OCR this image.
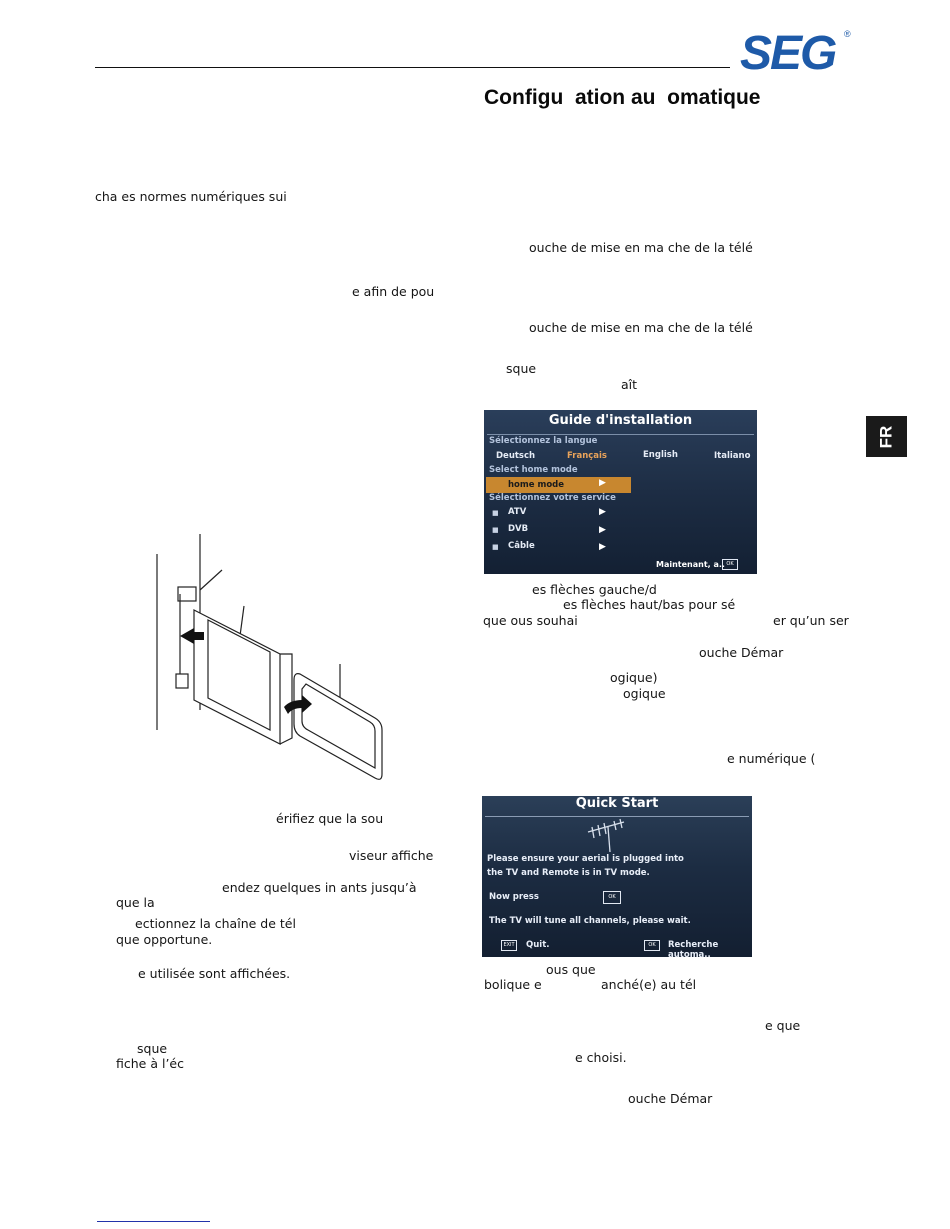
SEG ®
Configu  ation au  omatique
FR
cha es normes numériques sui
e afin de pou
érifiez que la sou
viseur affiche
endez quelques in ants jusqu’à
que la
ectionnez la chaîne de tél
que opportune.
e utilisée sont affichées.
sque
fiche à l’éc
ouche de mise en ma che de la télé
ouche de mise en ma che de la télé
sque
aît
Guide d'installation
Sélectionnez la langue
Deutsch	Français	English	Italiano
Select home mode
home mode	▶
Sélectionnez votre service
■ ATV	▶
■ DVB	▶
■ Câble	▶
Maintenant, a.. OK
es flèches gauche/d
es flèches haut/bas pour sé
que ous souhai	er qu’un ser
ouche Démar
ogique)
ogique
e numérique (
Quick Start
Please ensure your aerial is plugged into
the TV and Remote is in TV mode.
Now press	OK
The TV will tune all channels, please wait.
EXIT Quit.	OK	Recherche automa..
ous que
bolique e	anché(e) au tél
e que
e choisi.
ouche Démar
